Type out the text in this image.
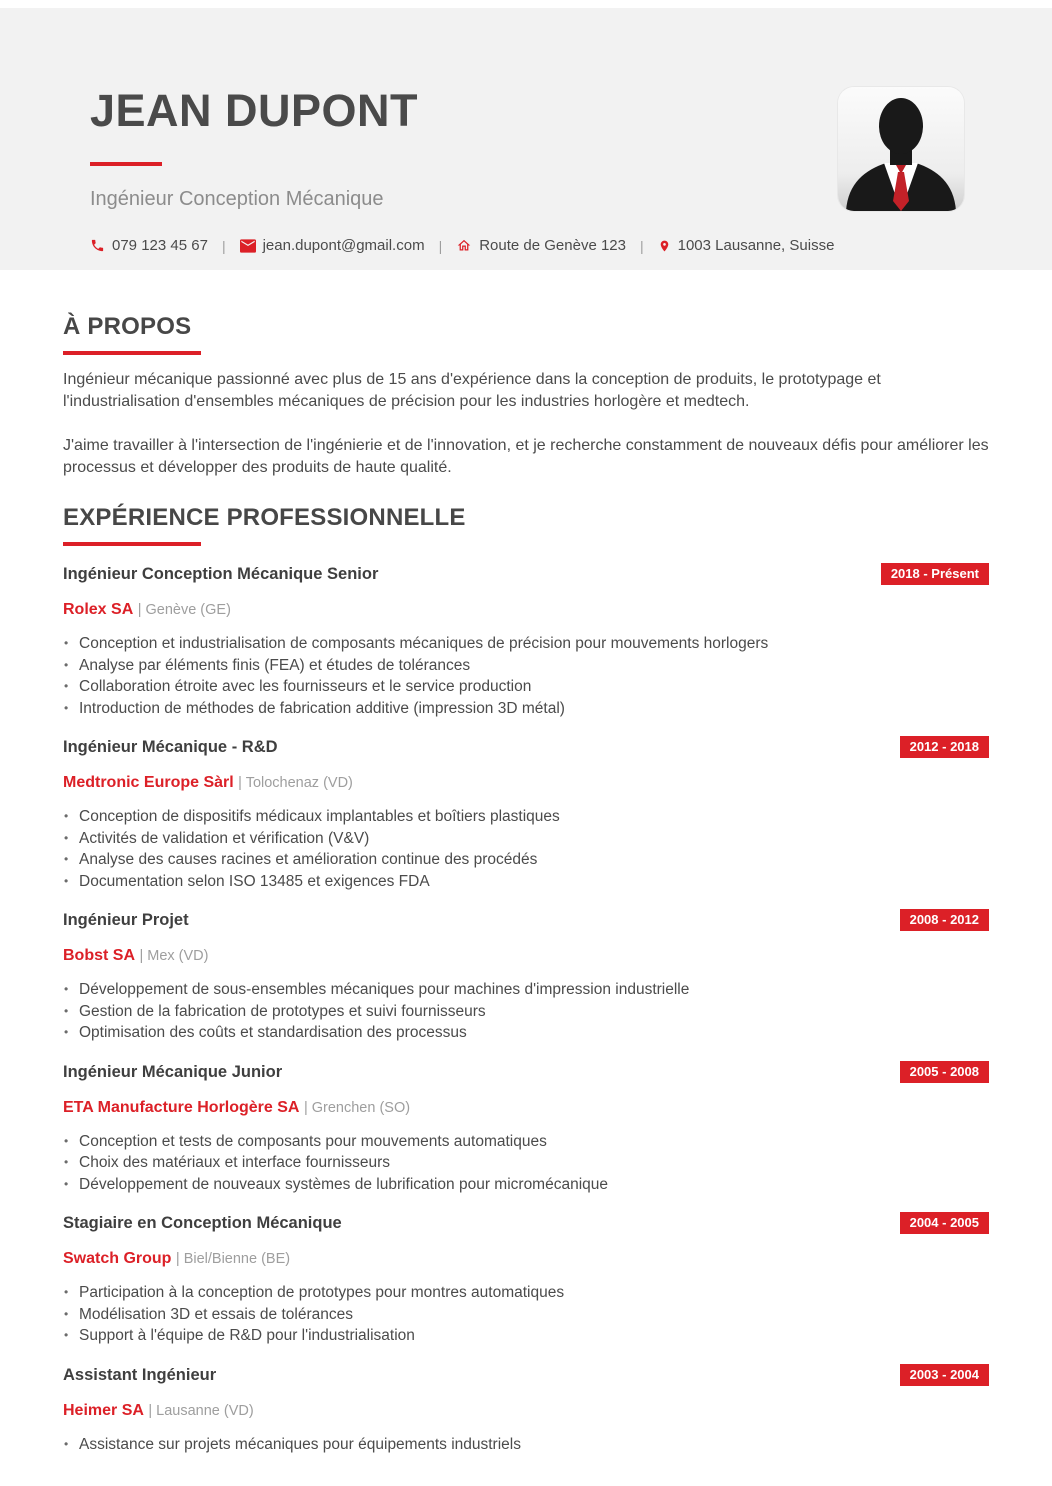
JEAN DUPONT
Ingénieur Conception Mécanique
079 123 45 67 | jean.dupont@gmail.com | Route de Genève 123 | 1003 Lausanne, Suisse
À PROPOS

Ingénieur mécanique passionné avec plus de 15 ans d'expérience dans la conception de produits, le prototypage et l'industrialisation d'ensembles mécaniques de précision pour les industries horlogère et medtech.

J'aime travailler à l'intersection de l'ingénierie et de l'innovation, et je recherche constamment de nouveaux défis pour améliorer les processus et développer des produits de haute qualité.

EXPÉRIENCE PROFESSIONNELLE
Ingénieur Conception Mécanique Senior	2018 - Présent
Rolex SA | Genève (GE)
• Conception et industrialisation de composants mécaniques de précision pour mouvements horlogers
• Analyse par éléments finis (FEA) et études de tolérances
• Collaboration étroite avec les fournisseurs et le service production
• Introduction de méthodes de fabrication additive (impression 3D métal)
Ingénieur Mécanique - R&D	2012 - 2018
Medtronic Europe Sàrl | Tolochenaz (VD)
• Conception de dispositifs médicaux implantables et boîtiers plastiques
• Activités de validation et vérification (V&V)
• Analyse des causes racines et amélioration continue des procédés
• Documentation selon ISO 13485 et exigences FDA
Ingénieur Projet	2008 - 2012
Bobst SA | Mex (VD)
• Développement de sous-ensembles mécaniques pour machines d'impression industrielle
• Gestion de la fabrication de prototypes et suivi fournisseurs
• Optimisation des coûts et standardisation des processus
Ingénieur Mécanique Junior	2005 - 2008
ETA Manufacture Horlogère SA | Grenchen (SO)
• Conception et tests de composants pour mouvements automatiques
• Choix des matériaux et interface fournisseurs
• Développement de nouveaux systèmes de lubrification pour micromécanique
Stagiaire en Conception Mécanique	2004 - 2005
Swatch Group | Biel/Bienne (BE)
• Participation à la conception de prototypes pour montres automatiques
• Modélisation 3D et essais de tolérances
• Support à l'équipe de R&D pour l'industrialisation
Assistant Ingénieur	2003 - 2004
Heimer SA | Lausanne (VD)
• Assistance sur projets mécaniques pour équipements industriels
